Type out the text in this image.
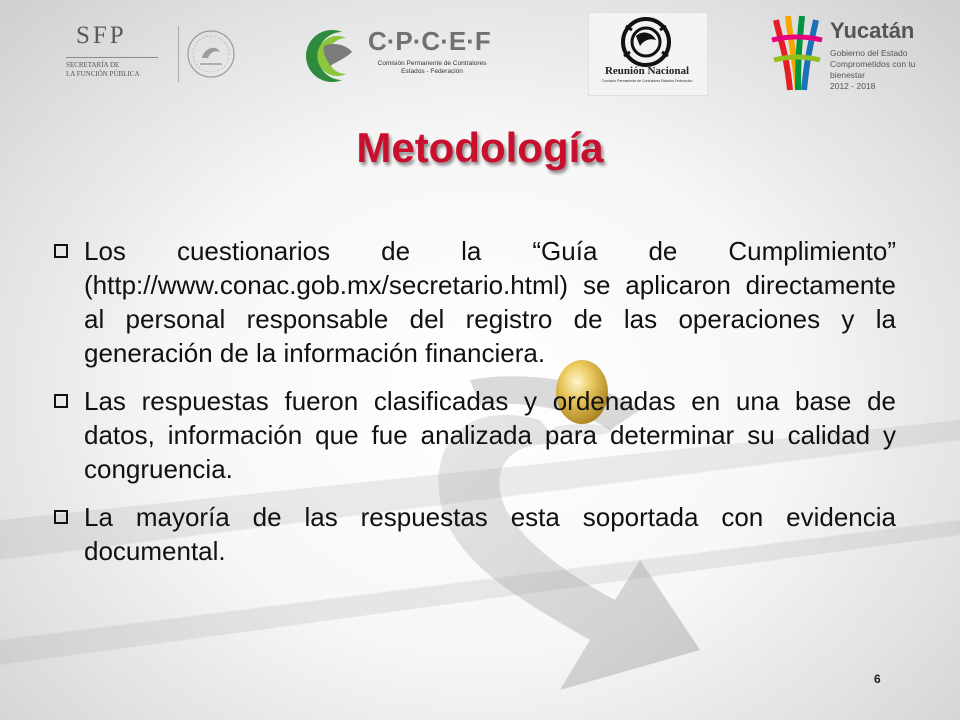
SFP
SECRETARÍA DE
LA FUNCIÓN PÚBLICA
C·P·C·E·F
Comisión Permanente de Contralores
Estados - Federación	Reunión Nacional
Comisión Permanente de Contralores Estados-Federación
Yucatán
Gobierno del Estado
Comprometidos con tu bienestar
2012 - 2018
Metodología
Los cuestionarios de la “Guía de Cumplimiento” (http://www.conac.gob.mx/secretario.html) se aplicaron directamente al personal responsable del registro de las operaciones y la generación de la información financiera.
Las respuestas fueron clasificadas y ordenadas en una base de datos, información que fue analizada para determinar su calidad y congruencia.
La mayoría de las respuestas esta soportada con evidencia documental.
6
